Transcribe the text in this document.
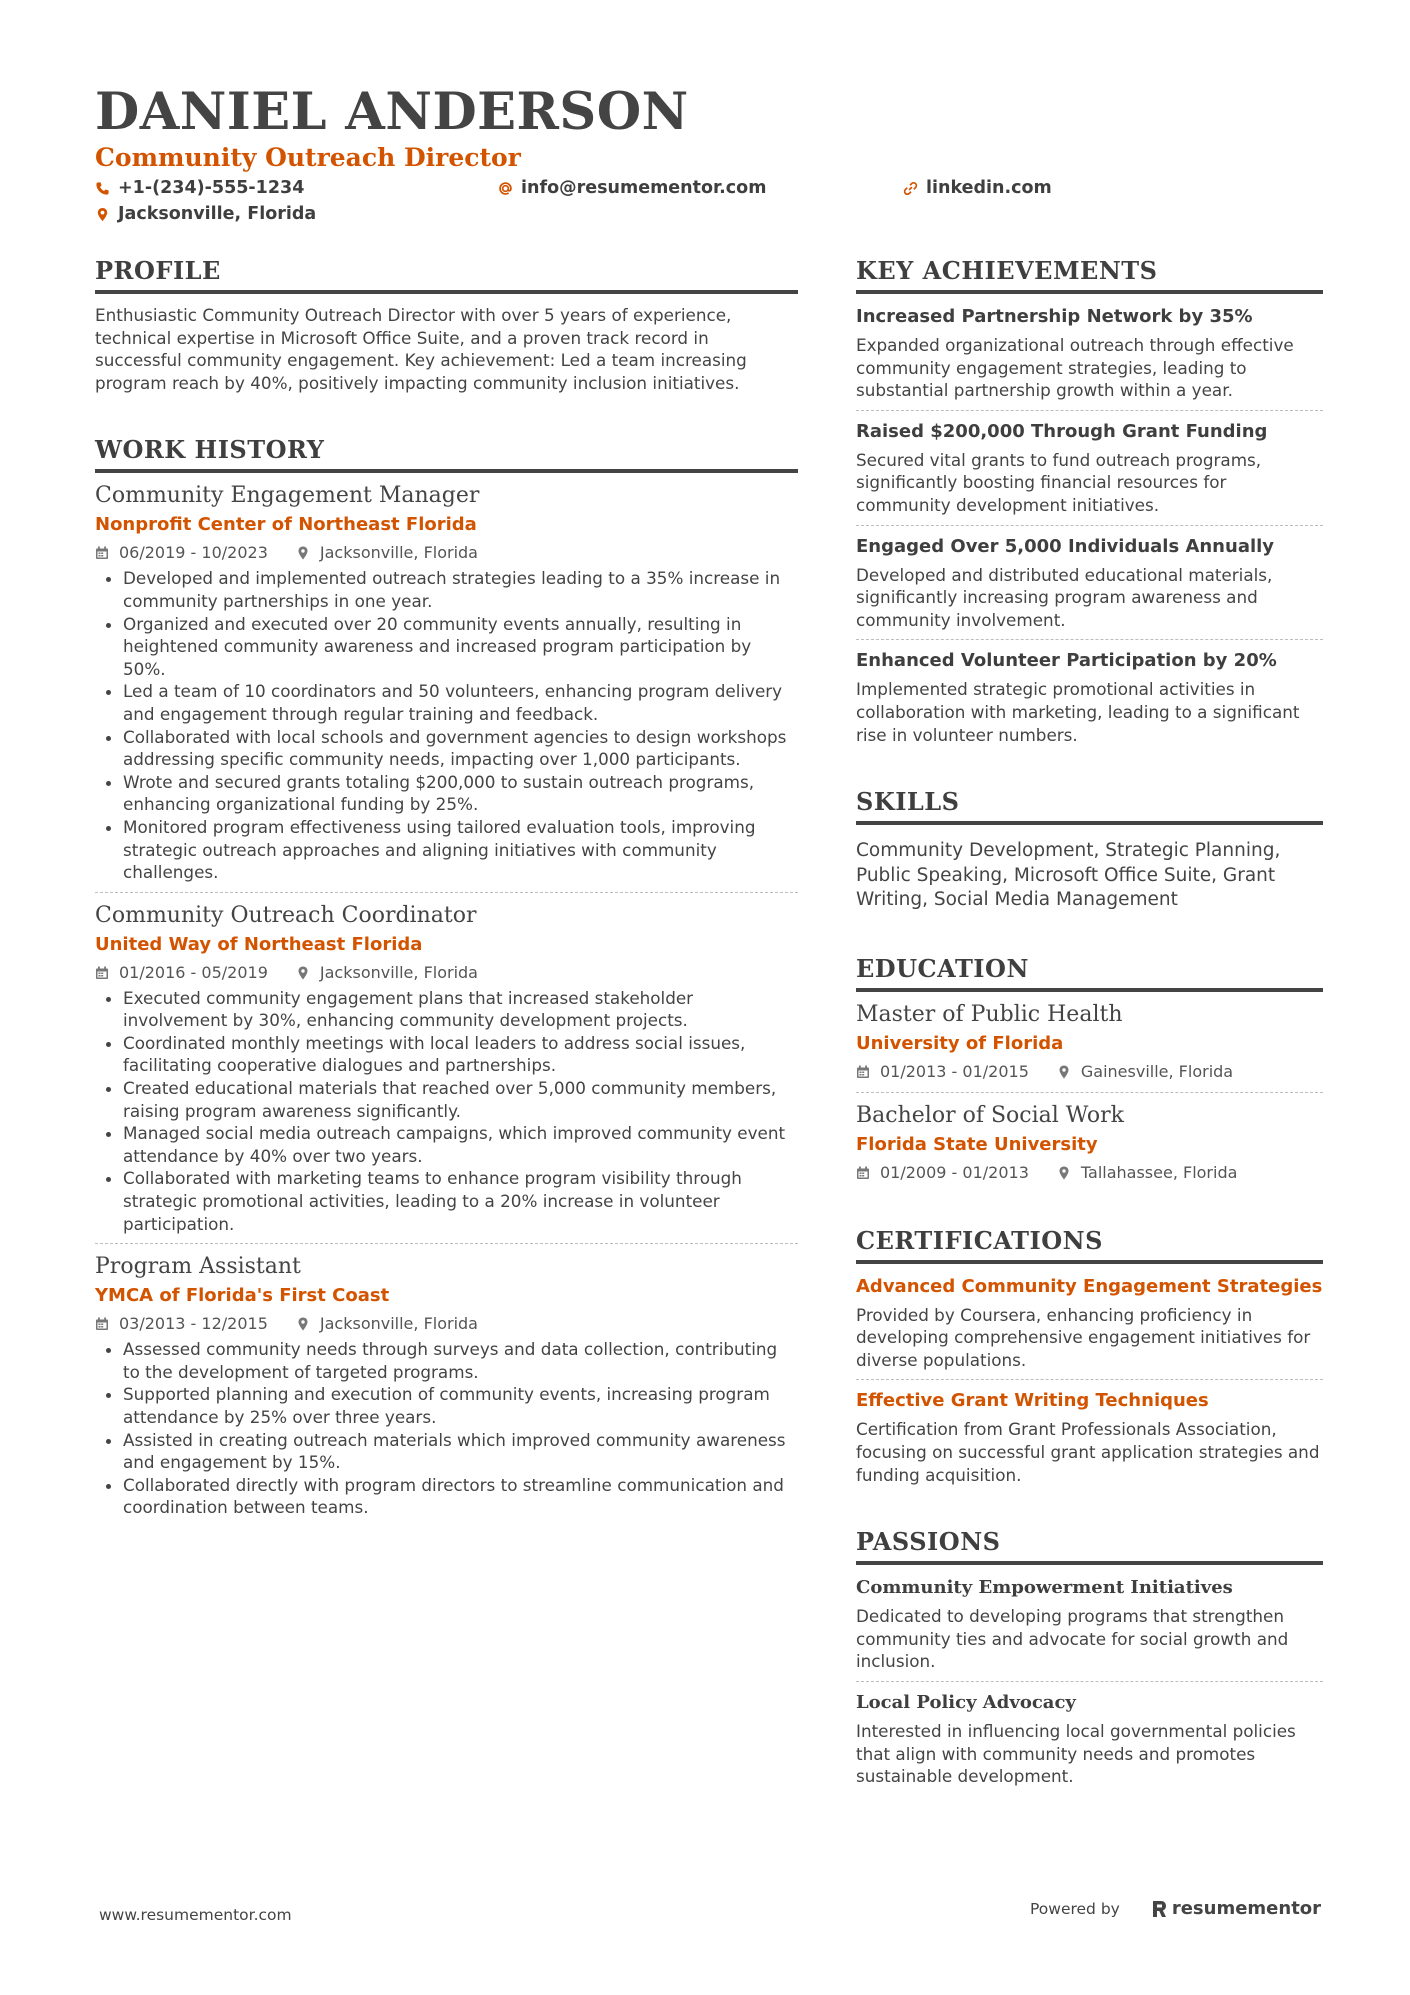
DANIEL ANDERSON
Community Outreach Director
+1-(234)-555-1234	info@resumementor.com	linkedin.com
Jacksonville, Florida
PROFILE
Enthusiastic Community Outreach Director with over 5 years of experience, technical expertise in Microsoft Office Suite, and a proven track record in successful community engagement. Key achievement: Led a team increasing program reach by 40%, positively impacting community inclusion initiatives.
WORK HISTORY
Community Engagement Manager
Nonprofit Center of Northeast Florida
06/2019 - 10/2023	Jacksonville, Florida
• Developed and implemented outreach strategies leading to a 35% increase in community partnerships in one year.
• Organized and executed over 20 community events annually, resulting in heightened community awareness and increased program participation by 50%.
• Led a team of 10 coordinators and 50 volunteers, enhancing program delivery and engagement through regular training and feedback.
• Collaborated with local schools and government agencies to design workshops addressing specific community needs, impacting over 1,000 participants.
• Wrote and secured grants totaling $200,000 to sustain outreach programs, enhancing organizational funding by 25%.
• Monitored program effectiveness using tailored evaluation tools, improving strategic outreach approaches and aligning initiatives with community challenges.
Community Outreach Coordinator
United Way of Northeast Florida
01/2016 - 05/2019	Jacksonville, Florida
• Executed community engagement plans that increased stakeholder involvement by 30%, enhancing community development projects.
• Coordinated monthly meetings with local leaders to address social issues, facilitating cooperative dialogues and partnerships.
• Created educational materials that reached over 5,000 community members, raising program awareness significantly.
• Managed social media outreach campaigns, which improved community event attendance by 40% over two years.
• Collaborated with marketing teams to enhance program visibility through strategic promotional activities, leading to a 20% increase in volunteer participation.
Program Assistant
YMCA of Florida's First Coast
03/2013 - 12/2015	Jacksonville, Florida
• Assessed community needs through surveys and data collection, contributing to the development of targeted programs.
• Supported planning and execution of community events, increasing program attendance by 25% over three years.
• Assisted in creating outreach materials which improved community awareness and engagement by 15%.
• Collaborated directly with program directors to streamline communication and coordination between teams.
KEY ACHIEVEMENTS
Increased Partnership Network by 35%
Expanded organizational outreach through effective community engagement strategies, leading to substantial partnership growth within a year.
Raised $200,000 Through Grant Funding
Secured vital grants to fund outreach programs, significantly boosting financial resources for community development initiatives.
Engaged Over 5,000 Individuals Annually
Developed and distributed educational materials, significantly increasing program awareness and community involvement.
Enhanced Volunteer Participation by 20%
Implemented strategic promotional activities in collaboration with marketing, leading to a significant rise in volunteer numbers.
SKILLS
Community Development, Strategic Planning, Public Speaking, Microsoft Office Suite, Grant Writing, Social Media Management
EDUCATION
Master of Public Health
University of Florida
01/2013 - 01/2015	Gainesville, Florida
Bachelor of Social Work
Florida State University
01/2009 - 01/2013	Tallahassee, Florida
CERTIFICATIONS
Advanced Community Engagement Strategies
Provided by Coursera, enhancing proficiency in developing comprehensive engagement initiatives for diverse populations.
Effective Grant Writing Techniques
Certification from Grant Professionals Association, focusing on successful grant application strategies and funding acquisition.
PASSIONS
Community Empowerment Initiatives
Dedicated to developing programs that strengthen community ties and advocate for social growth and inclusion.
Local Policy Advocacy
Interested in influencing local governmental policies that align with community needs and promotes sustainable development.
www.resumementor.com	Powered by	resumementor
